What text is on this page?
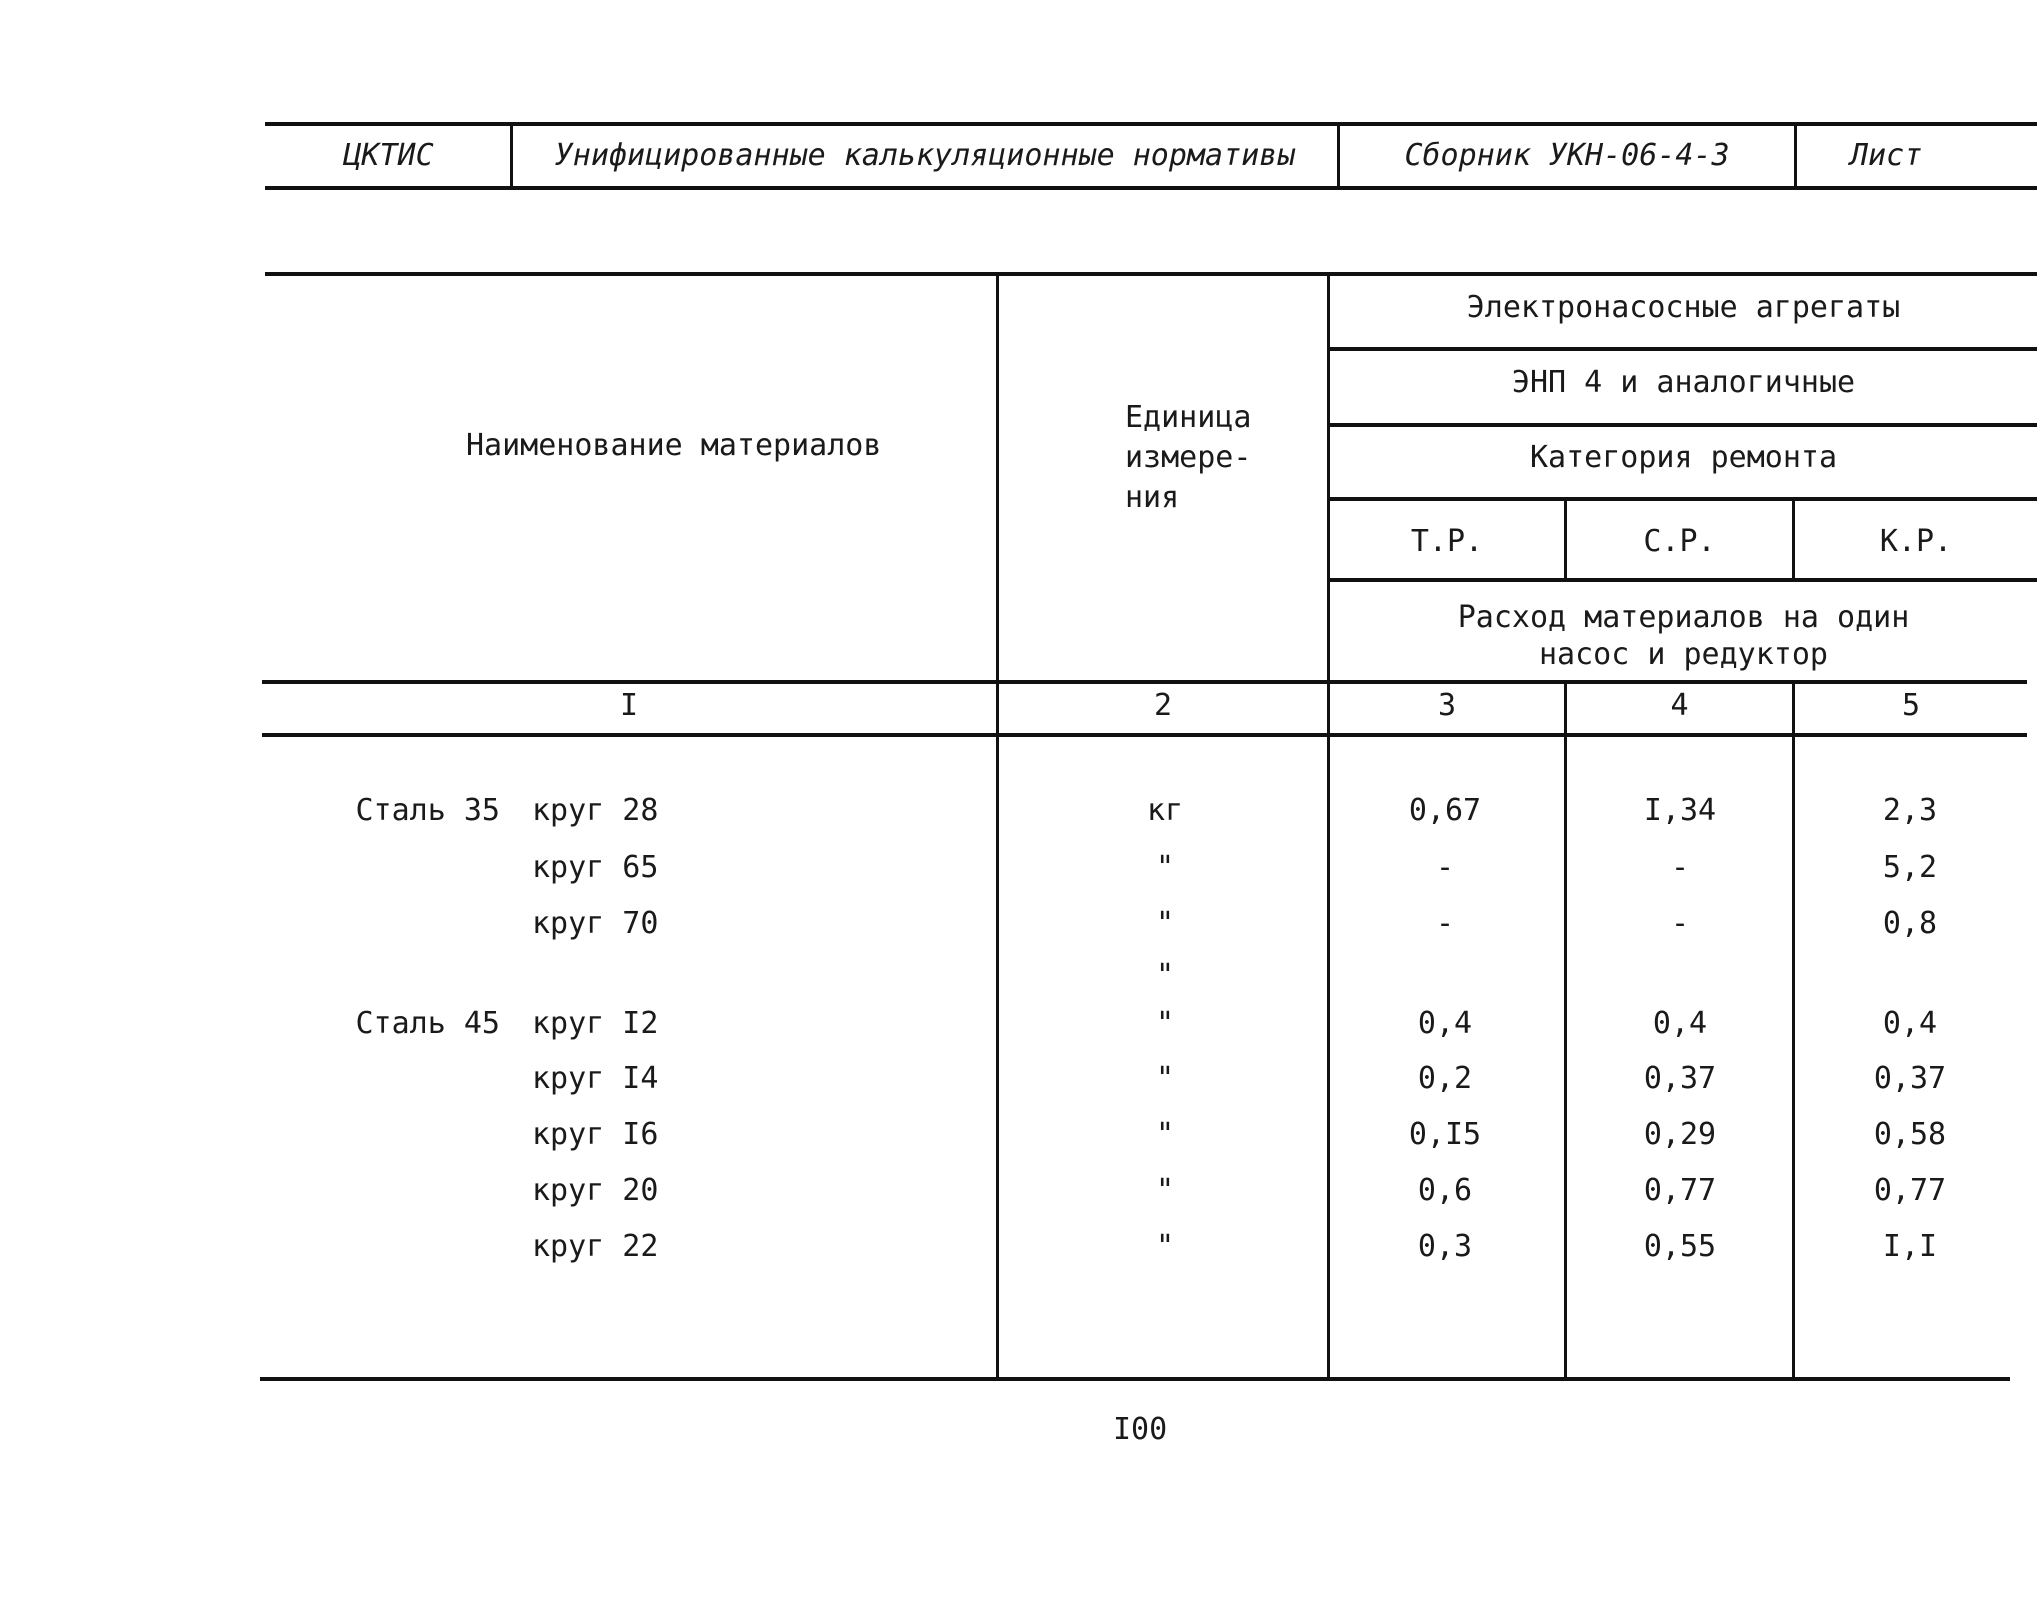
ЦКТИС	Унифицированные калькуляционные нормативы	Сборник УКН-06-4-3	Лист
Наименование материалов
Единица
измере-
ния
Электронасосные агрегаты
ЭНП 4 и аналогичные
Категория ремонта
Т.Р.	С.Р.	К.Р.
Расход материалов на один
насос и редуктор
I	2	3	4	5
Сталь 35 круг 28	кг	0,67	I,34	2,3
круг 65	"	-	-	5,2
круг 70	"	-	-	0,8
"
Сталь 45 круг I2	"	0,4	0,4	0,4
круг I4	"	0,2	0,37	0,37
круг I6	"	0,I5	0,29	0,58
круг 20	"	0,6	0,77	0,77
круг 22	"	0,3	0,55	I,I
I00
